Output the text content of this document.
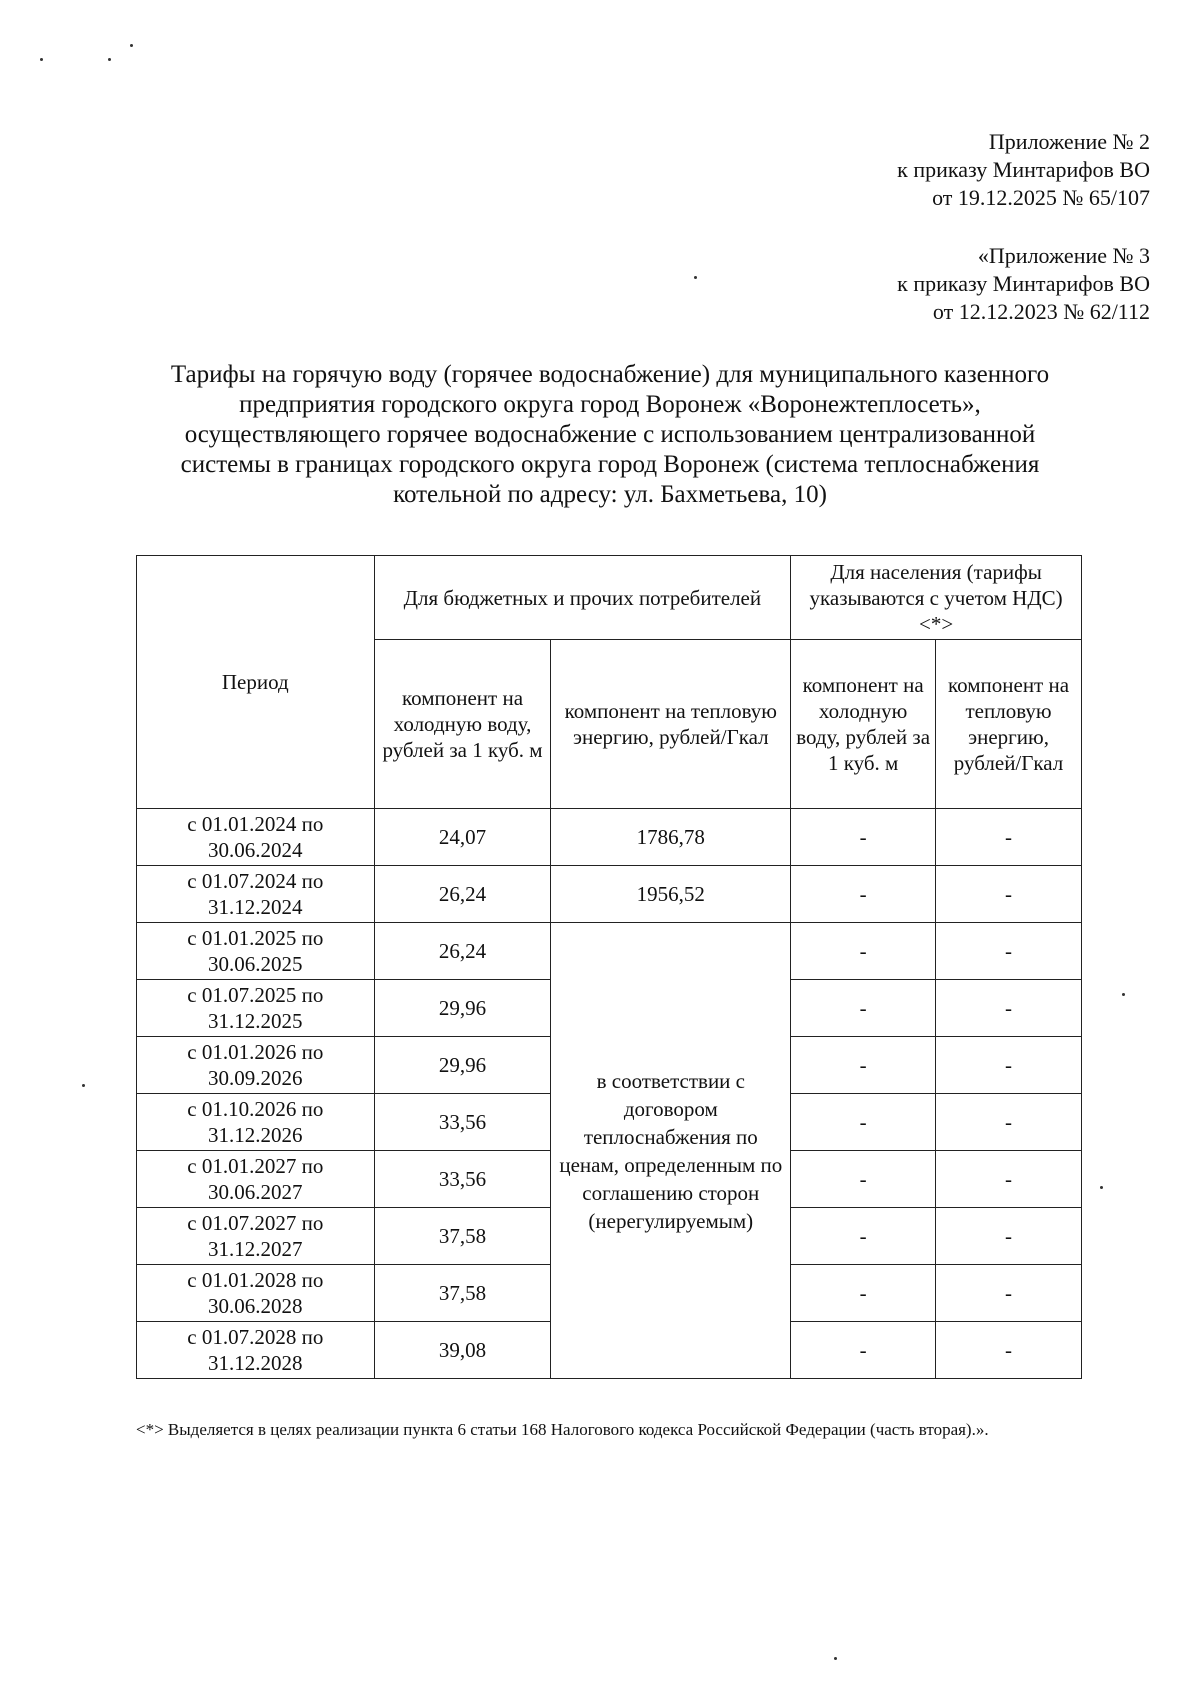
Приложение № 2
к приказу Минтарифов ВО
от 19.12.2025 № 65/107
«Приложение № 3
к приказу Минтарифов ВО
от 12.12.2023 № 62/112
Тарифы на горячую воду (горячее водоснабжение) для муниципального казенного
предприятия городского округа город Воронеж «Воронежтеплосеть»,
осуществляющего горячее водоснабжение с использованием централизованной
системы в границах городского округа город Воронеж (система теплоснабжения
котельной по адресу: ул. Бахметьева, 10)
Период	Для бюджетных и прочих потребителей		Для населения (тарифы указываются с учетом НДС) <*>	
	компонент на холодную воду, рублей за 1 куб. м	компонент на тепловую энергию, рублей/Гкал	компонент на холодную воду, рублей за 1 куб. м	компонент на тепловую энергию, рублей/Гкал
с 01.01.2024 по 30.06.2024	24,07	1786,78	-	-
с 01.07.2024 по 31.12.2024	26,24	1956,52	-	-
с 01.01.2025 по 30.06.2025	26,24	в соответствии с договором теплоснабжения по ценам, определенным по соглашению сторон (нерегулируемым)	-	-
с 01.07.2025 по 31.12.2025	29,96		-	-
с 01.01.2026 по 30.09.2026	29,96		-	-
с 01.10.2026 по 31.12.2026	33,56		-	-
с 01.01.2027 по 30.06.2027	33,56		-	-
с 01.07.2027 по 31.12.2027	37,58		-	-
с 01.01.2028 по 30.06.2028	37,58		-	-
с 01.07.2028 по 31.12.2028	39,08		-	-
<*> Выделяется в целях реализации пункта 6 статьи 168 Налогового кодекса Российской Федерации (часть вторая).».
